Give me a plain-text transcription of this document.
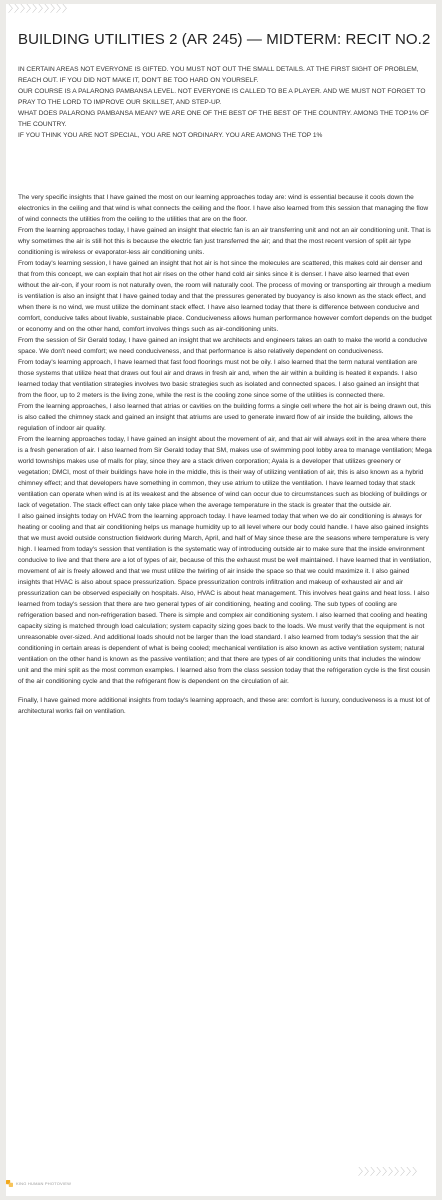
〉〉〉〉〉〉〉〉〉〉
BUILDING UTILITIES 2 (AR 245) — MIDTERM: RECIT NO.2

IN CERTAIN AREAS NOT EVERYONE IS GIFTED. YOU MUST NOT OUT THE SMALL DETAILS. AT THE FIRST SIGHT OF PROBLEM, REACH OUT. IF YOU DID NOT MAKE IT, DON'T BE TOO HARD ON YOURSELF.

OUR COURSE IS A PALARONG PAMBANSA LEVEL. NOT EVERYONE IS CALLED TO BE A PLAYER. AND WE MUST NOT FORGET TO PRAY TO THE LORD TO IMPROVE OUR SKILLSET, AND STEP-UP.

WHAT DOES PALARONG PAMBANSA MEAN? WE ARE ONE OF THE BEST OF THE BEST OF THE COUNTRY. AMONG THE TOP1% OF THE COUNTRY.

IF YOU THINK YOU ARE NOT SPECIAL, YOU ARE NOT ORDINARY. YOU ARE AMONG THE TOP 1%

The very specific insights that I have gained the most on our learning approaches today are: wind is essential because it cools down the electronics in the ceiling and that wind is what connects the ceiling and the floor. I have also learned from this session that managing the flow of wind connects the utilities from the ceiling to the utilities that are on the floor.

From the learning approaches today, I have gained an insight that electric fan is an air transferring unit and not an air conditioning unit. That is why sometimes the air is still hot this is because the electric fan just transferred the air; and that the most recent version of split air type conditioning is wireless or evaporator-less air conditioning units.

From today's learning session, I have gained an insight that hot air is hot since the molecules are scattered, this makes cold air denser and that from this concept, we can explain that hot air rises on the other hand cold air sinks since it is denser. I have also learned that even without the air-con, if your room is not naturally oven, the room will naturally cool. The process of moving or transporting air through a medium is ventilation is also an insight that I have gained today and that the pressures generated by buoyancy is also known as the stack effect, and when there is no wind, we must utilize the dominant stack effect. I have also learned today that there is difference between conducive and comfort, conducive talks about livable, sustainable place. Conduciveness allows human performance however comfort depends on the budget or economy and on the other hand, comfort involves things such as air-conditioning units.

From the session of Sir Gerald today, I have gained an insight that we architects and engineers takes an oath to make the world a conducive space. We don't need comfort; we need conduciveness, and that performance is also relatively dependent on conduciveness.

From today's learning approach, I have learned that fast food floorings must not be oily. I also learned that the term natural ventilation are those systems that utilize heat that draws out foul air and draws in fresh air and, when the air within a building is heated it expands. I also learned today that ventilation strategies involves two basic strategies such as isolated and connected spaces. I also gained an insight that from the floor, up to 2 meters is the living zone, while the rest is the cooling zone since some of the utilities is connected there.

From the learning approaches, I also learned that atrias or cavities on the building forms a single cell where the hot air is being drawn out, this is also called the chimney stack and gained an insight that atriums are used to generate inward flow of air inside the building, allows the regulation of indoor air quality.

From the learning approaches today, I have gained an insight about the movement of air, and that air will always exit in the area where there is a fresh generation of air. I also learned from Sir Gerald today that SM, makes use of swimming pool lobby area to manage ventilation; Mega world townships makes use of malls for play, since they are a stack driven corporation; Ayala is a developer that utilizes greenery or vegetation; DMCI, most of their buildings have hole in the middle, this is their way of utilizing ventilation of air, this is also known as a hybrid chimney effect; and that developers have something in common, they use atrium to utilize the ventilation. I have learned today that stack ventilation can operate when wind is at its weakest and the absence of wind can occur due to circumstances such as blocking of buildings or lack of vegetation. The stack effect can only take place when the average temperature in the stack is greater that the outside air.

I also gained insights today on HVAC from the learning approach today. I have learned today that when we do air conditioning is always for heating or cooling and that air conditioning helps us manage humidity up to all level where our body could handle. I have also gained insights that we must avoid outside construction fieldwork during March, April, and half of May since these are the seasons where temperature is very high. I learned from today's session that ventilation is the systematic way of introducing outside air to make sure that the inside environment conducive to live and that there are a lot of types of air, because of this the exhaust must be well maintained. I have learned that in ventilation, movement of air is freely allowed and that we must utilize the twirling of air inside the space so that we could maximize it. I also gained insights that HVAC is also about space pressurization. Space pressurization controls infiltration and makeup of exhausted air and air pressurization can be observed especially on hospitals. Also, HVAC is about heat management. This involves heat gains and heat loss. I also learned from today's session that there are two general types of air conditioning, heating and cooling. The sub types of cooling are refrigeration based and non-refrigeration based. There is simple and complex air conditioning system. I also learned that cooling and heating capacity sizing is matched through load calculation; system capacity sizing goes back to the loads. We must verify that the equipment is not unreasonable over-sized. And additional loads should not be larger than the load standard. I also learned from today's session that the air conditioning in certain areas is dependent of what is being cooled; mechanical ventilation is also known as active ventilation system; natural ventilation on the other hand is known as the passive ventilation; and that there are types of air conditioning units that includes the window unit and the mini split as the most common examples. I learned also from the class session today that the refrigeration cycle is the first cousin of the air conditioning cycle and that the refrigerant flow is dependent on the circulation of air.

Finally, I have gained more additional insights from today's learning approach, and these are: comfort is luxury, conduciveness is a must lot of architectural works fail on ventilation.

〉〉〉〉〉〉〉〉〉〉
KING HUMAN PHOTOVIEW
